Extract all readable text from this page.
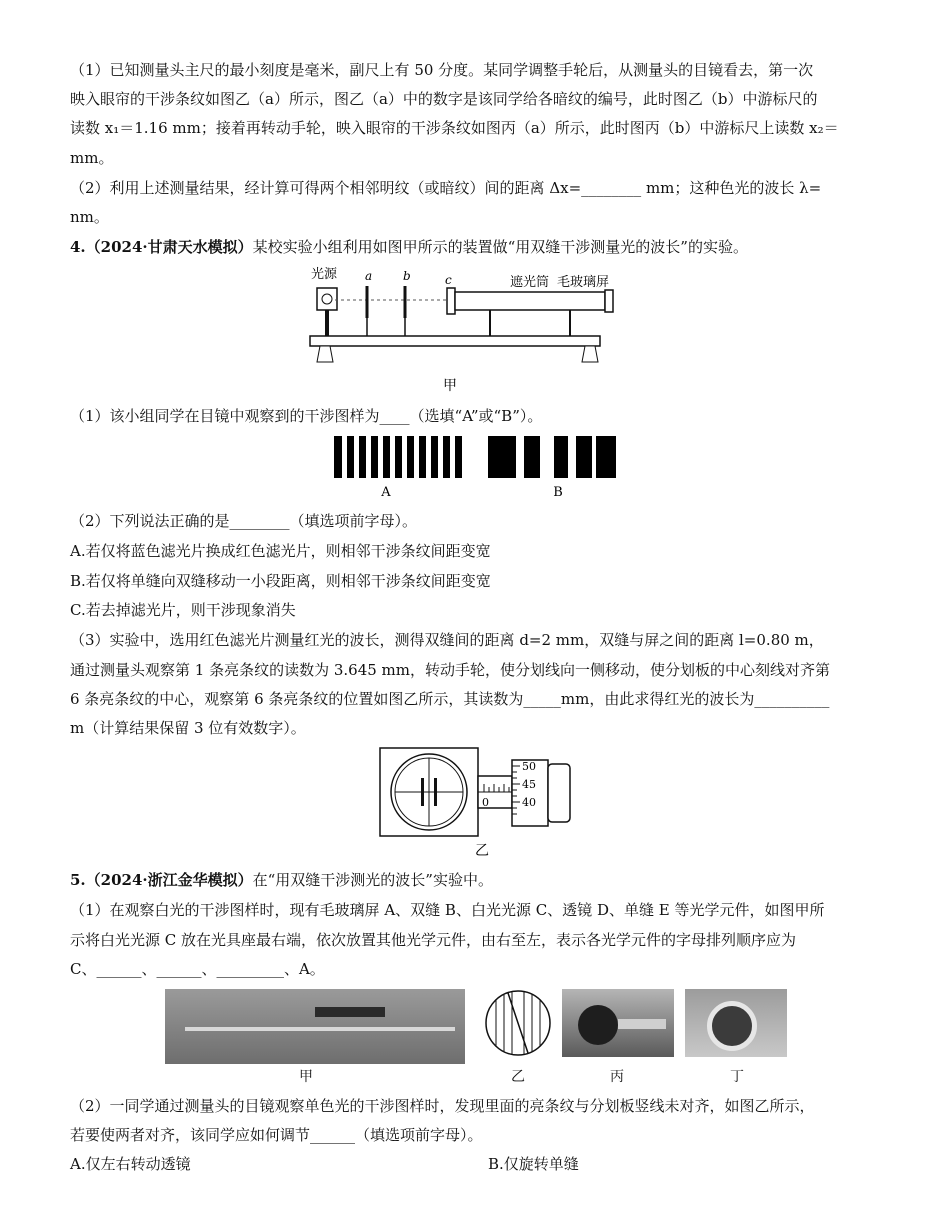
（1）已知测量头主尺的最小刻度是毫米，副尺上有 50 分度。某同学调整手轮后，从测量头的目镜看去，第一次
映入眼帘的干涉条纹如图乙（a）所示，图乙（a）中的数字是该同学给各暗纹的编号，此时图乙（b）中游标尺的
读数 x₁＝1.16 mm；接着再转动手轮，映入眼帘的干涉条纹如图丙（a）所示，此时图丙（b）中游标尺上读数 x₂＝
mm。
（2）利用上述测量结果，经计算可得两个相邻明纹（或暗纹）间的距离 Δx=________ mm；这种色光的波长 λ=
nm。
4.（2024·甘肃天水模拟）某校实验小组利用如图甲所示的装置做“用双缝干涉测量光的波长”的实验。
光源 a	b	c	遮光筒 毛玻璃屏
甲
（1）该小组同学在目镜中观察到的干涉图样为____（选填“A”或“B”）。
A	B
（2）下列说法正确的是________（填选项前字母）。
A.若仅将蓝色滤光片换成红色滤光片，则相邻干涉条纹间距变宽
B.若仅将单缝向双缝移动一小段距离，则相邻干涉条纹间距变宽
C.若去掉滤光片，则干涉现象消失
（3）实验中，选用红色滤光片测量红光的波长，测得双缝间的距离 d=2 mm，双缝与屏之间的距离 l=0.80 m，
通过测量头观察第 1 条亮条纹的读数为 3.645 mm，转动手轮，使分划线向一侧移动，使分划板的中心刻线对齐第
6 条亮条纹的中心，观察第 6 条亮条纹的位置如图乙所示，其读数为_____mm，由此求得红光的波长为__________
m（计算结果保留 3 位有效数字）。
0
50
45
40
乙
5.（2024·浙江金华模拟）在“用双缝干涉测光的波长”实验中。
（1）在观察白光的干涉图样时，现有毛玻璃屏 A、双缝 B、白光光源 C、透镜 D、单缝 E 等光学元件，如图甲所
示将白光光源 C 放在光具座最右端，依次放置其他光学元件，由右至左，表示各光学元件的字母排列顺序应为
C、______、______、_________、A。
甲	乙	丙	丁
（2）一同学通过测量头的目镜观察单色光的干涉图样时，发现里面的亮条纹与分划板竖线未对齐，如图乙所示，
若要使两者对齐，该同学应如何调节______（填选项前字母）。
A.仅左右转动透镜	B.仅旋转单缝
